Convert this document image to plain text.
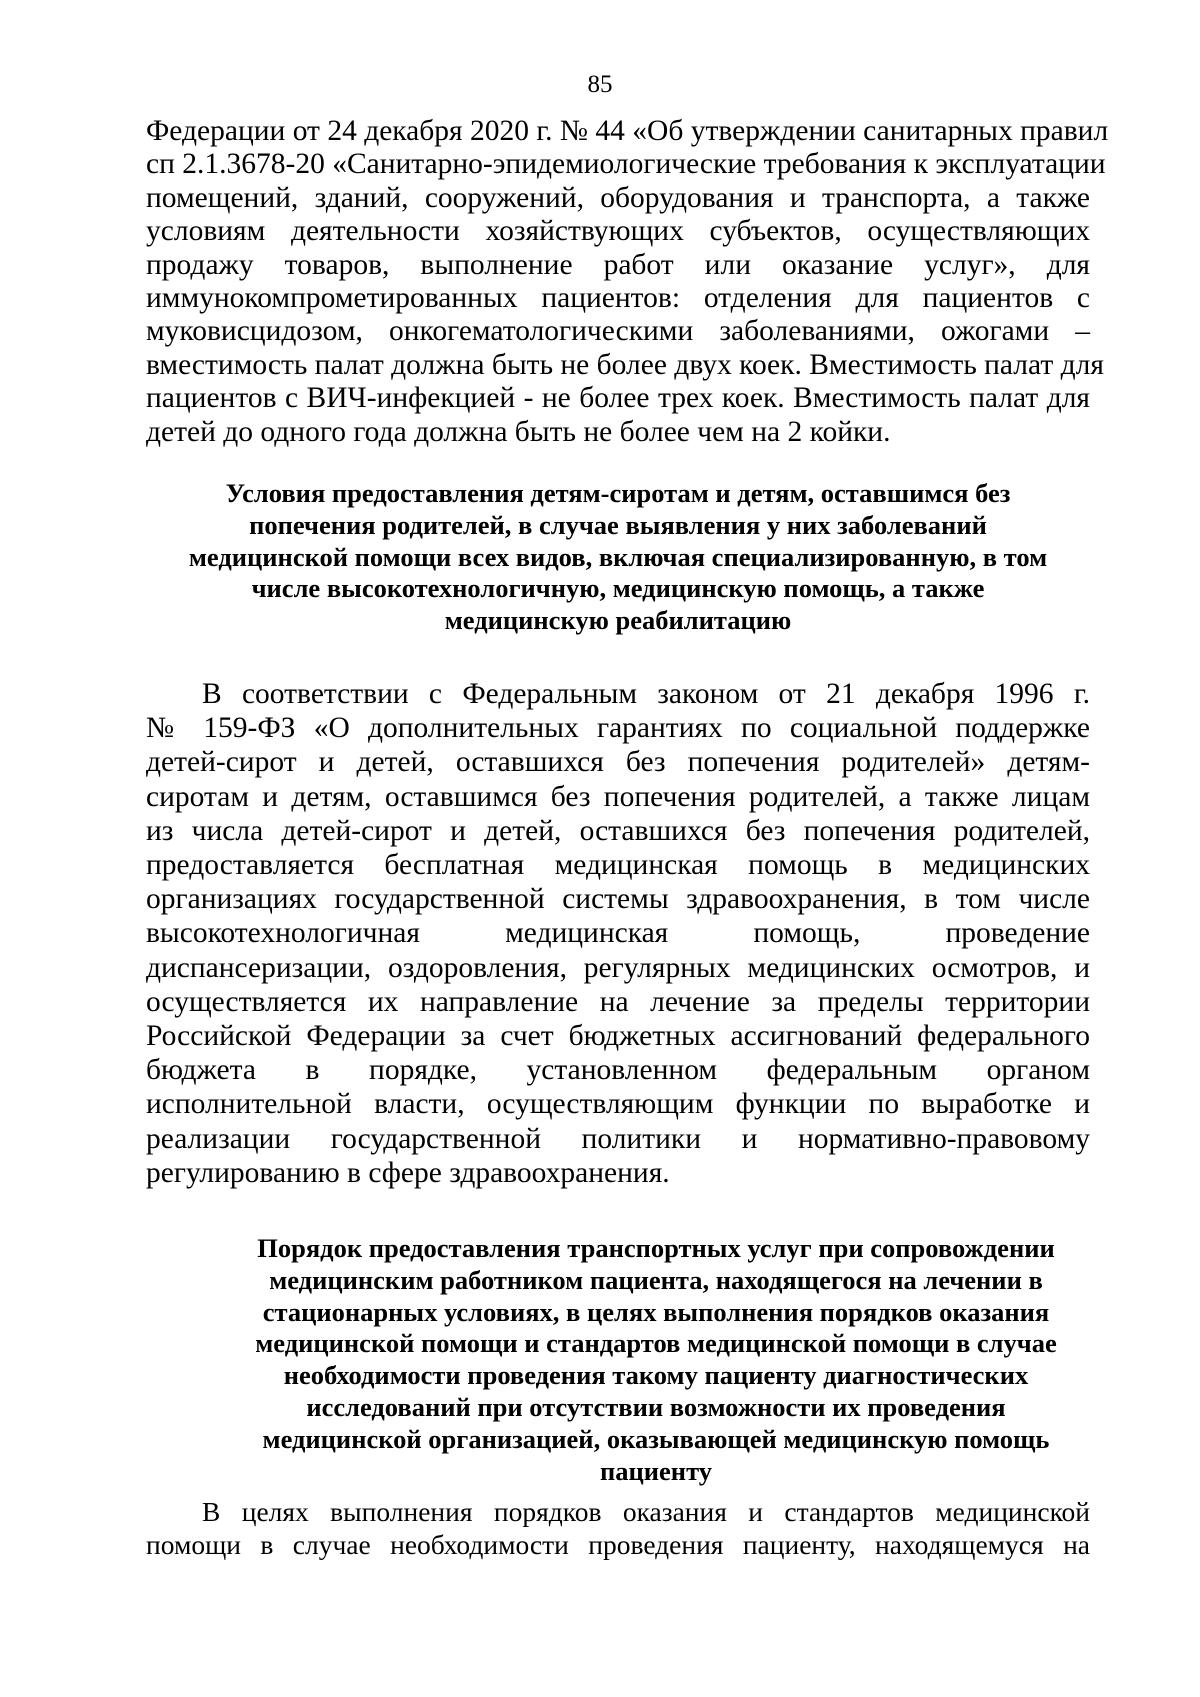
85
Федерации от 24 декабря 2020 г. № 44 «Об утверждении санитарных правил
сп 2.1.3678-20 «Санитарно-эпидемиологические требования к эксплуатации
помещений, зданий, сооружений, оборудования и транспорта, а также
условиям деятельности хозяйствующих субъектов, осуществляющих
продажу товаров, выполнение работ или оказание услуг», для
иммунокомпрометированных пациентов: отделения для пациентов с
муковисцидозом, онкогематологическими заболеваниями, ожогами –
вместимость палат должна быть не более двух коек. Вместимость палат для
пациентов с ВИЧ-инфекцией - не более трех коек. Вместимость палат для
детей до одного года должна быть не более чем на 2 койки.
Условия предоставления детям-сиротам и детям, оставшимся без
попечения родителей, в случае выявления у них заболеваний
медицинской помощи всех видов, включая специализированную, в том
числе высокотехнологичную, медицинскую помощь, а также
медицинскую реабилитацию
В соответствии с Федеральным законом от 21 декабря 1996 г.
№ 159-ФЗ «О дополнительных гарантиях по социальной поддержке
детей-сирот и детей, оставшихся без попечения родителей» детям-
сиротам и детям, оставшимся без попечения родителей, а также лицам
из числа детей-сирот и детей, оставшихся без попечения родителей,
предоставляется бесплатная медицинская помощь в медицинских
организациях государственной системы здравоохранения, в том числе
высокотехнологичная медицинская помощь, проведение
диспансеризации, оздоровления, регулярных медицинских осмотров, и
осуществляется их направление на лечение за пределы территории
Российской Федерации за счет бюджетных ассигнований федерального
бюджета в порядке, установленном федеральным органом
исполнительной власти, осуществляющим функции по выработке и
реализации государственной политики и нормативно-правовому
регулированию в сфере здравоохранения.
Порядок предоставления транспортных услуг при сопровождении
медицинским работником пациента, находящегося на лечении в
стационарных условиях, в целях выполнения порядков оказания
медицинской помощи и стандартов медицинской помощи в случае
необходимости проведения такому пациенту диагностических
исследований при отсутствии возможности их проведения
медицинской организацией, оказывающей медицинскую помощь
пациенту
В целях выполнения порядков оказания и стандартов медицинской
помощи в случае необходимости проведения пациенту, находящемуся на
